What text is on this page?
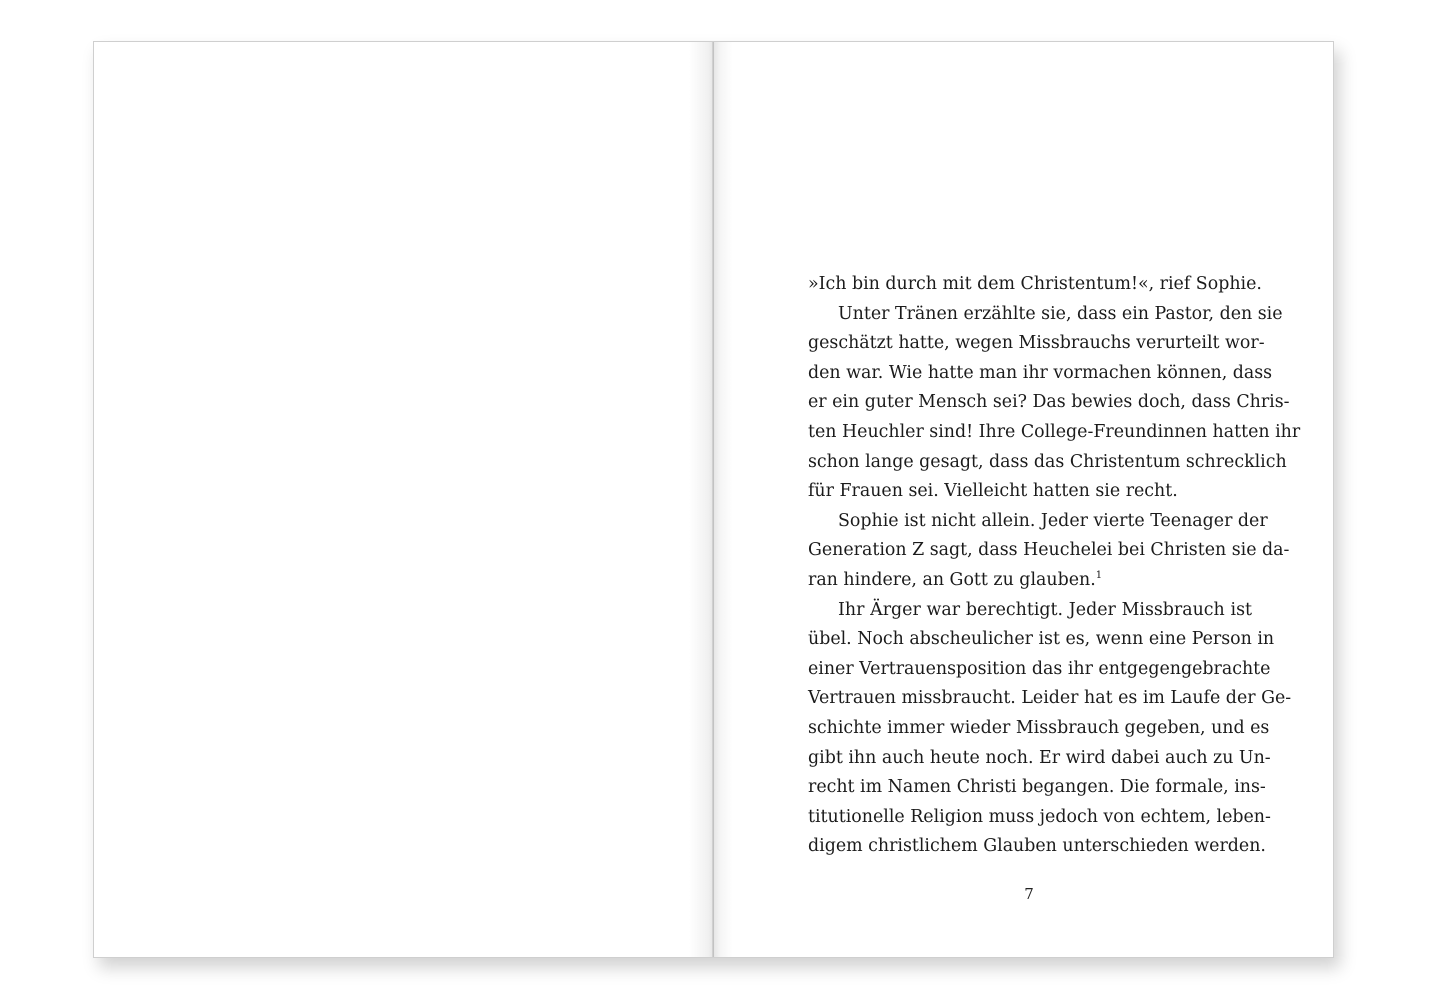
»Ich bin durch mit dem Christentum!«, rief Sophie.
Unter Tränen erzählte sie, dass ein Pastor, den sie
geschätzt hatte, wegen Missbrauchs verurteilt wor-
den war. Wie hatte man ihr vormachen können, dass
er ein guter Mensch sei? Das bewies doch, dass Chris-
ten Heuchler sind! Ihre College-Freundinnen hatten ihr
schon lange gesagt, dass das Christentum schrecklich
für Frauen sei. Vielleicht hatten sie recht.
Sophie ist nicht allein. Jeder vierte Teenager der
Generation Z sagt, dass Heuchelei bei Christen sie da-
ran hindere, an Gott zu glauben.$^1$
Ihr Ärger war berechtigt. Jeder Missbrauch ist
übel. Noch abscheulicher ist es, wenn eine Person in
einer Vertrauensposition das ihr entgegengebrachte
Vertrauen missbraucht. Leider hat es im Laufe der Ge-
schichte immer wieder Missbrauch gegeben, und es
gibt ihn auch heute noch. Er wird dabei auch zu Un-
recht im Namen Christi begangen. Die formale, ins-
titutionelle Religion muss jedoch von echtem, leben-
digem christlichem Glauben unterschieden werden.
7
